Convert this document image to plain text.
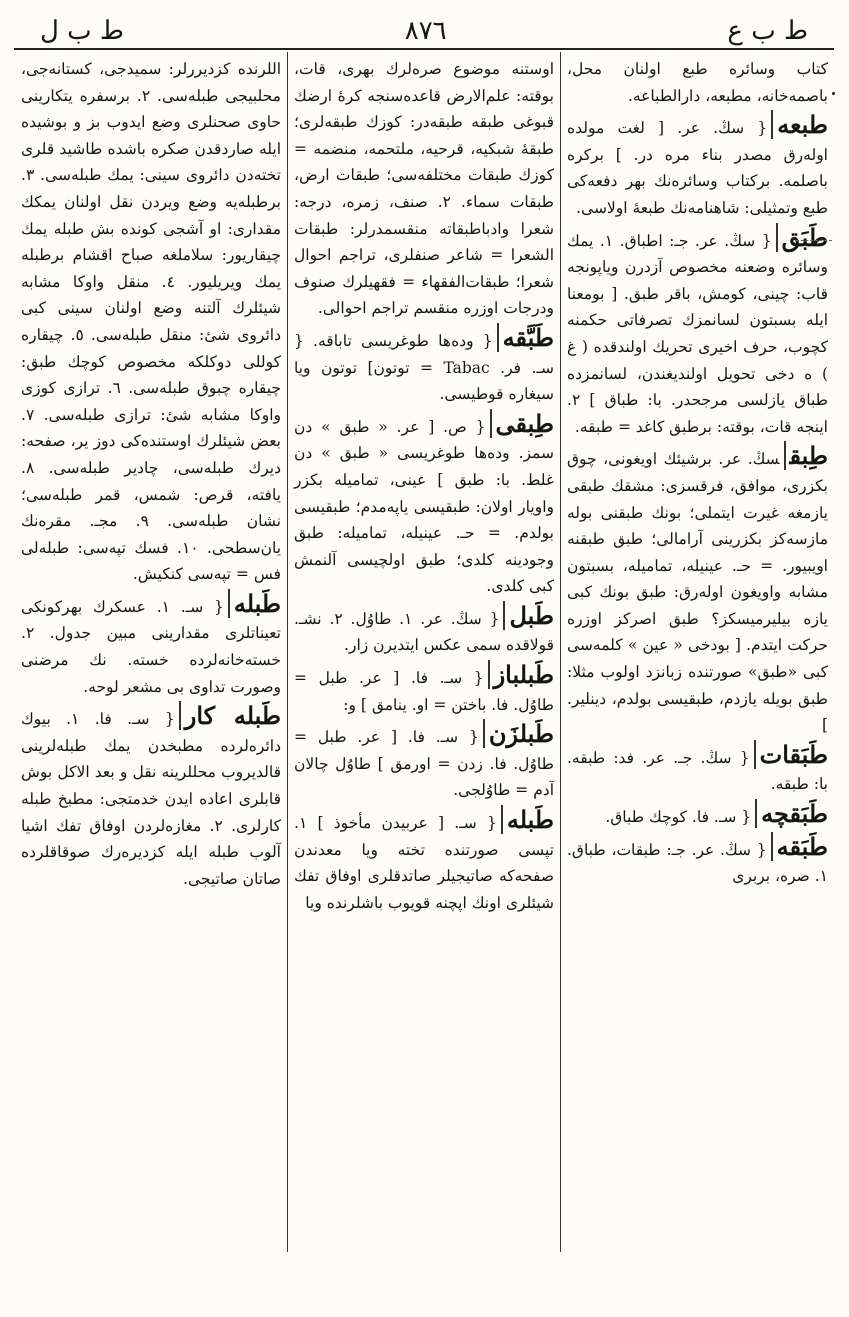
ط ب ع
٨٧٦
ط ب ل

کتاب وسائره طبع اولنان محل، باصمه‌خانه، مطبعه، دارالطباعه.

طبعه{ سڭ. عر. [ لغت مولده اولەرق مصدر بناء مره در. ] برکره باصلمه. برکتاب وسائرەنك بهر دفعه‌کی طبع وتمثیلی: شاهنامەنك طبعهٔ اولاسی.

طَبَق{ سڭ. عر. جـ: اطباق. ١. یمك وسائره وضعنه مخصوص آزدرن ویاپونجه قاب: چینی، کومش، باقر طبق. [ بومعنا ایله بسبتون لسانمزك تصرفاتی حکمنه کچوب، حرف اخیری تحریك اولندقده ( غ ) ه دخی تحویل اولندیغندن، لسانمزده طباق یازلسی مرجحدر. با: طباق ] ٢. اینجه قات، بوقته: برطبق کاغد = طبقه.

طِبقسڭ. عر. برشیئك اویغونی، چوق بکزری، موافق، فرقسزی: مشقك طبقی یازمغه غیرت ایتملی؛ بونك طبقنی بوله مازسه‌كز بکزرینی آرامالی؛ طبق طبقنه اویبیور. = حـ. عینیله، تماميله، بسبتون مشابه واویغون اولەرق: طبق بونك کبی یازه بیلیرمیسکز؟ طبق اصرکز اوزره حرکت ایتدم. [ بودخی « عین » کلمه‌سی کبی «طبق» صورتنده زبانزد اولوب مثلا: طبق بویله یازدم، طبقیسی بولدم، دینلیر. ]

طَبَقات{ سڭ. جـ. عر. فد: طبقه. با: طبقه.

طَبَقچه{ سـ. فا. کوچك طباق.

طَبَقه{ سڭ. عر. جـ: طبقات، طباق. ١. صره، بربری

اوستنه موضوع صره‌لرك بهری، قات، بوقته: علم‌الارض قاعده‌سنجه کرهٔ ارضك قبوغی طبقه طبقه‌در: کوزك طبقه‌لری؛ طبقهٔ شبکیه، قرحیه، ملتحمه، منضمه = کوزك طبقات مختلفه‌سی؛ طبقات ارض، طبقات سماء. ٢. صنف، زمره، درجه: شعرا وادباطبقاته منقسمدرلر: طبقات الشعرا = شاعر صنفلری، تراجم احوال شعرا؛ طبقات‌الفقهاء = فقهیلرك صنوف ودرجات اوزره منقسم تراجم احوالی.

طَبَّقه{ وده‌ها طوغریسی تاباقه. { سـ. فر. Tabac = توتون] توتون ویا سیغاره قوطیسی.

طِبقی{ ص. [ عر. « طبق » دن سمز. وده‌ها طوغریسی « طبق » دن غلط. با: طبق ] عینی، تماميله بکزر واویار اولان: طبقیسی یاپه‌مدم؛ طبقیسی بولدم. = حـ. عینیله، تماميله: طبق وجودینه کلدی؛ طبق اولچیسی آلنمش کبی کلدی.

طَبل{ سڭ. عر. ١. طاوُل. ٢. نشـ. قولاقده سمی عکس ایتدیرن زار.

طَبلباز{ سـ. فا. [ عر. طبل = طاوُل. فا. باختن = او. ینامق ] و:

طَبلزَن{ سـ. فا. [ عر. طبل = طاوُل. فا. زدن = اورمق ] طاوُل چالان آدم = طاوُلجی.

طَبله{ سـ. [ عربیدن مأخوذ ] ١. تپسی صورتنده تخته ویا معدندن صفحه‌که صاتیجیلر صاتدقلری اوفاق تفك شیئلری اونك اپچنه قویوب باشلرنده ویا

اللرنده کزدیررلر: سمیدجی، کستانه‌جی، محلبیجی طبله‌سی. ٢. برسفره یتکارینی حاوی صحنلری وضع ایدوب بز و بوشیده ایله صاردقدن صکره باشده طاشید قلری تخته‌دن دائروی سینی: یمك طبله‌سی. ٣. برطبله‌یه وضع ویردن نقل اولنان یمکك مقداری: او آشجی کونده بش طبله یمك چیقاریور: سلاملغه صباح اقشام برطبله یمك ویریلیور. ٤. منقل واوکا مشابه شیئلرك آلتنه وضع اولنان سینی کبی دائروی شیٔ: منقل طبله‌سی. ٥. چیقاره کوللی دوکلکه مخصوص کوچك طبق: چیقاره چبوق طبله‌سی. ٦. ترازی کوزی واوکا مشابه شیٔ: ترازی طبله‌سی. ٧. بعض شیئلرك اوستنده‌کی دوز یر، صفحه: دیرك طبله‌سی، چادیر طبله‌سی. ٨. یافته، قرص: شمس، قمر طبله‌سی؛ نشان طبله‌سی. ٩. مجـ. مقره‌نك یان‌سطحی. ١٠. فسك تپه‌سی: طبله‌لی فس = تپه‌سی کنکیش.

طَبله{ سـ. ١. عسکرك بهرکونکی تعیناتلری مقدارینی مبین جدول. ٢. خسته‌خانه‌لرده خسته. نك مرضنی وصورت تداوی بی مشعر لوحه.

طَبله کار{ سـ. فا. ١. بیوك دائره‌لرده مطبخدن یمك طبله‌لرینی قالدیروب محللرینه نقل و بعد الاکل بوش قابلری اعاده ایدن خدمتجی: مطبخ طبله کارلری. ٢. مغازه‌لردن اوفاق تفك اشیا آلوب طبله ایله کزدیرەرك صوقاقلرده صاتان صاتیجی.
